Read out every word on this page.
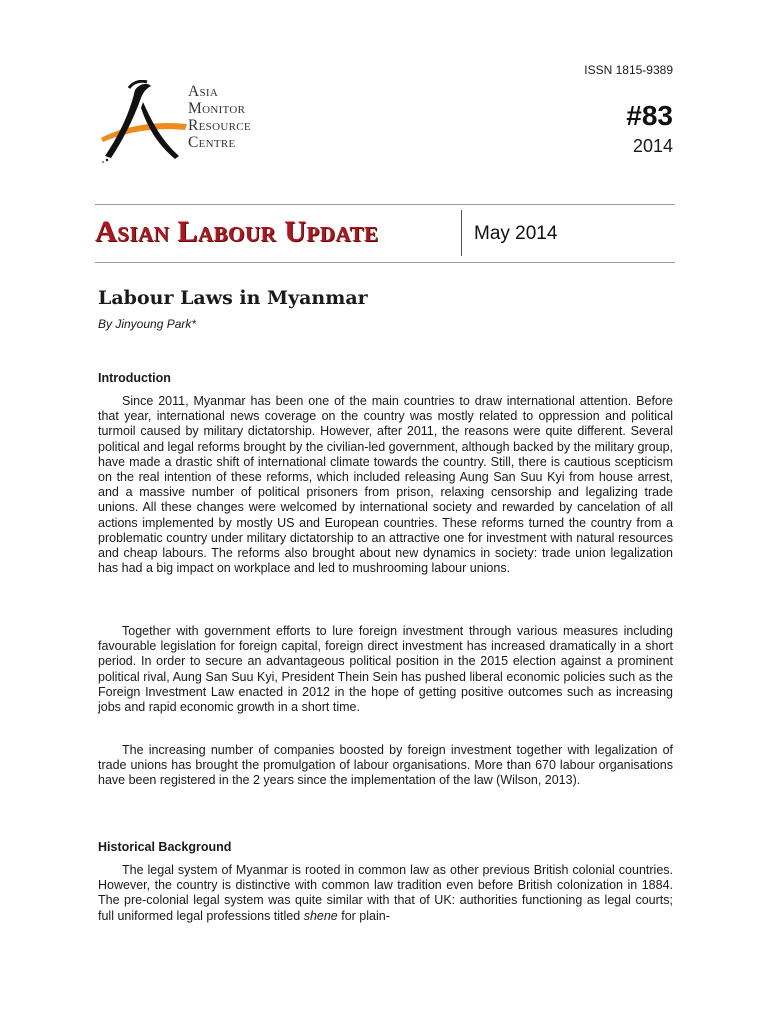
ISSN 1815-9389
Asia
Monitor
Resource
Centre
#83
2014
Asian Labour Update	May 2014
Labour Laws in Myanmar
By Jinyoung Park*
Introduction

Since 2011, Myanmar has been one of the main countries to draw international attention. Before that year, international news coverage on the country was mostly related to oppression and political turmoil caused by military dictatorship. However, after 2011, the reasons were quite different. Several political and legal reforms brought by the civilian-led government, although backed by the military group, have made a drastic shift of international climate towards the country. Still, there is cautious scepticism on the real intention of these reforms, which included releasing Aung San Suu Kyi from house arrest, and a massive number of political prisoners from prison, relaxing censorship and legalizing trade unions. All these changes were welcomed by international society and rewarded by cancelation of all actions implemented by mostly US and European countries. These reforms turned the country from a problematic country under military dictatorship to an attractive one for investment with natural resources and cheap labours. The reforms also brought about new dynamics in society: trade union legalization has had a big impact on workplace and led to mushrooming labour unions.

Together with government efforts to lure foreign investment through various measures including favourable legislation for foreign capital, foreign direct investment has increased dramatically in a short period. In order to secure an advantageous political position in the 2015 election against a prominent political rival, Aung San Suu Kyi, President Thein Sein has pushed liberal economic policies such as the Foreign Investment Law enacted in 2012 in the hope of getting positive outcomes such as increasing jobs and rapid economic growth in a short time.

The increasing number of companies boosted by foreign investment together with legalization of trade unions has brought the promulgation of labour organisations. More than 670 labour organisations have been registered in the 2 years since the implementation of the law (Wilson, 2013).

Historical Background

The legal system of Myanmar is rooted in common law as other previous British colonial countries. However, the country is distinctive with common law tradition even before British colonization in 1884. The pre-colonial legal system was quite similar with that of UK: authorities functioning as legal courts; full uniformed legal professions titled shene for plain-
